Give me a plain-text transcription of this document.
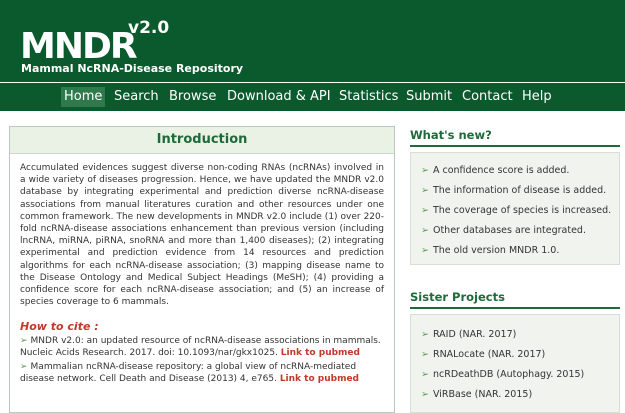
MNDR
v2.0
Mammal NcRNA-Disease Repository
Home Search Browse Download & API Statistics Submit Contact Help
Introduction
Accumulated evidences suggest diverse non-coding RNAs (ncRNAs) involved in a wide variety of diseases progression. Hence, we have updated the MNDR v2.0 database by integrating experimental and prediction diverse ncRNA-disease associations from manual literatures curation and other resources under one common framework. The new developments in MNDR v2.0 include (1) over 220-fold ncRNA-disease associations enhancement than previous version (including lncRNA, miRNA, piRNA, snoRNA and more than 1,400 diseases); (2) integrating experimental and prediction evidence from 14 resources and prediction algorithms for each ncRNA-disease association; (3) mapping disease name to the Disease Ontology and Medical Subject Headings (MeSH); (4) providing a confidence score for each ncRNA-disease association; and (5) an increase of species coverage to 6 mammals.
How to cite :
➢ MNDR v2.0: an updated resource of ncRNA-disease associations in mammals. Nucleic Acids Research. 2017. doi: 10.1093/nar/gkx1025. Link to pubmed
➢ Mammalian ncRNA-disease repository: a global view of ncRNA-mediated disease network. Cell Death and Disease (2013) 4, e765. Link to pubmed
What's new?
➢ A confidence score is added.
➢ The information of disease is added.
➢ The coverage of species is increased.
➢ Other databases are integrated.
➢ The old version MNDR 1.0.
Sister Projects
➢ RAID (NAR. 2017)
➢ RNALocate (NAR. 2017)
➢ ncRDeathDB (Autophagy. 2015)
➢ ViRBase (NAR. 2015)
